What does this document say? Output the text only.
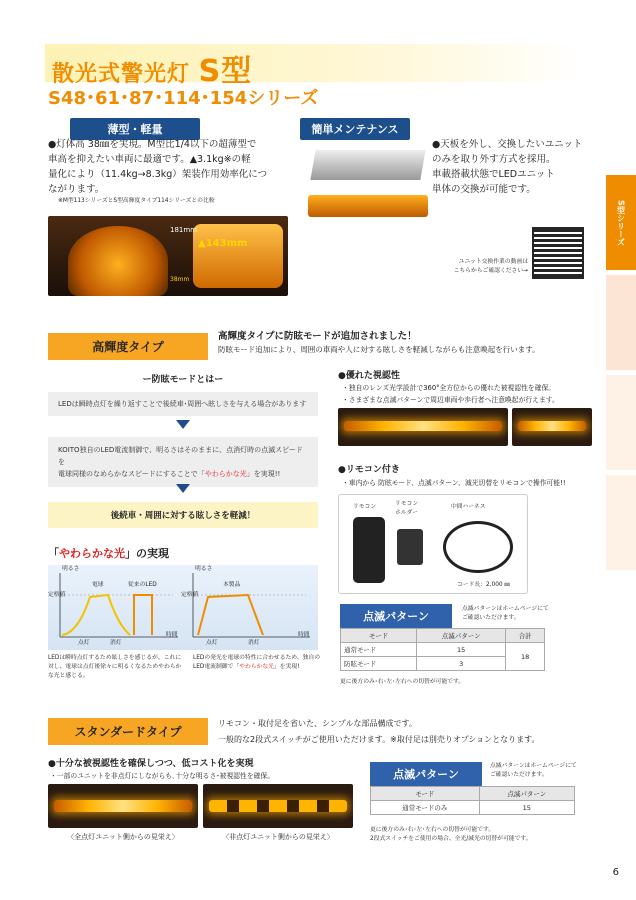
散光式警光灯 S型
S48･61･87･114･154シリーズ
S型シリーズ
薄型・軽量
●灯体高 38㎜を実現。M型比1/4以下の超薄型で
車高を抑えたい車両に最適です。▲3.1kg※の軽
量化により（11.4kg→8.3kg）架装作用効率化につ
ながります。
※M型113シリーズとS型高輝度タイプ114シリーズとの比較
181mm
▲143mm
38mm
簡単メンテナンス
●天板を外し、交換したいユニット
のみを取り外す方式を採用。
車載搭載状態でLEDユニット
単体の交換が可能です。
ユニット交換作業の動画は
こちらからご確認ください→
高輝度タイプ
高輝度タイプに防眩モードが追加されました！
防眩モード追加により、周囲の車両や人に対する眩しさを軽減しながらも注意喚起を行います。
ー防眩モードとはー
LEDは瞬時点灯を繰り返すことで後続車･周囲へ眩しさを与える場合があります
KOITO独自のLED電流制御で、明るさはそのままに、点消灯時の点滅スピードを
電球同様のなめらかなスピードにすることで「やわらかな光」を実現!!
後続車・周囲に対する眩しさを軽減！
「やわらかな光」の実現
明るさ
電球	従来のLED
定格値
時間
点灯	消灯
明るさ
本製品
定格値
時間
点灯	消灯
LEDは瞬時点灯するため眩しさを感じるが、これに対し、電球は点灯後徐々に明るくなるためやわらかな光と感じる。
LEDの発光を電球の特性に合わせるため、独自の
LED電流制御で「やわらかな光」を実現!
●優れた視認性
・独自のレンズ光学設計で360°全方位からの優れた被視認性を確保。
・さまざまな点滅パターンで周辺車両や歩行者へ注意喚起が行えます。
●リモコン付き
・車内から 防眩モード、点滅パターン、減光切替をリモコンで操作可能!!
リモコン	リモコン
ホルダー
中間ハーネス
コード長：2,000 ㎜
点滅パターン
点滅パターンはホームページにて
ご確認いただけます。
モード	点滅パターン	合計
通常モード	15	18
防眩モード	3	
更に後方のみ･右･左･左右への切替が可能です。
スタンダードタイプ
リモコン・取付足を省いた、シンプルな部品構成です。
一般的な2段式スイッチがご使用いただけます。※取付足は別売りオプションとなります。
●十分な被視認性を確保しつつ、低コスト化を実現
・一部のユニットを非点灯にしながらも､十分な明るさ･被視認性を確保。
〈全点灯ユニット側からの見栄え〉	〈非点灯ユニット側からの見栄え〉
点滅パターン
点滅パターンはホームページにて
ご確認いただけます。
モード	点滅パターン
通常モードのみ	15
更に後方のみ･右･左･左右への切替が可能です。
2段式スイッチをご使用の場合、全光/減光の切替が可能です。
6
